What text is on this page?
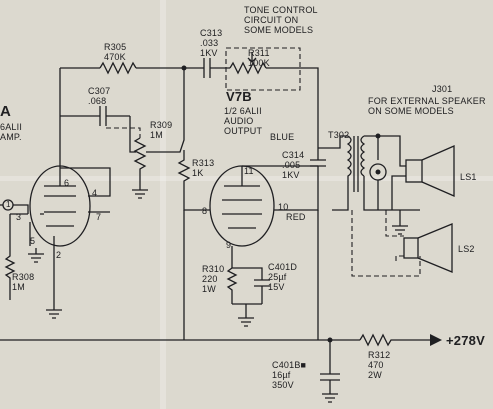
TONE CONTROL
CIRCUIT ON
SOME MODELS
C313
.033
1KV	R311
100K
R305
470K
C307
.068
R309
1M
V7B
1/2 6ALII
AUDIO
OUTPUT
BLUE	T302
C314
.005
1KV
R313
1K
RED
R310
220
1W
C401D
25µf
15V
J301
FOR EXTERNAL SPEAKER
ON SOME MODELS
LS1
LS2
A
6ALII
AMP.
R308
1M
1
C401B■
16µf
350V
R312
470
2W
+278V
6
4
7
3
5
2
11
8	10
9
